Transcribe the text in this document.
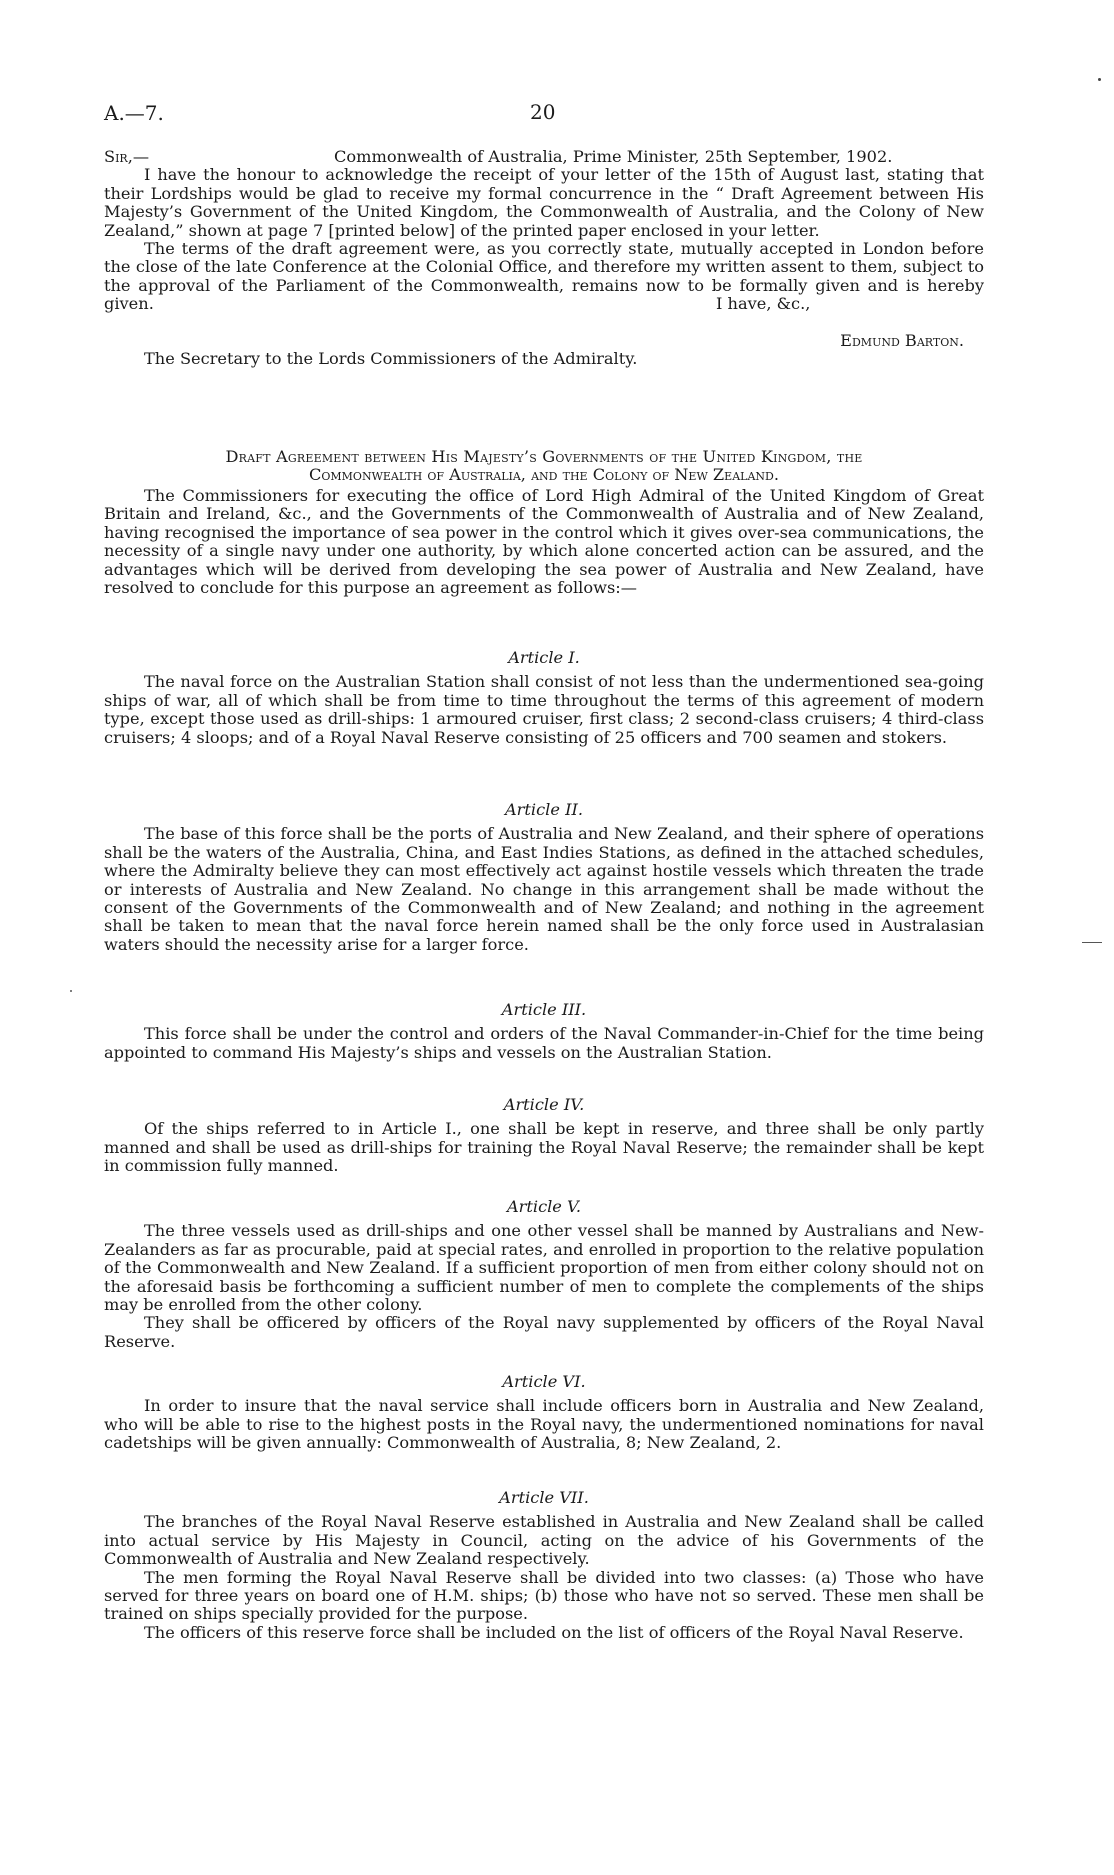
A.—7.	20
Sir,—	Commonwealth of Australia, Prime Minister, 25th September, 1902.

I have the honour to acknowledge the receipt of your letter of the 15th of August last, stating that their Lordships would be glad to receive my formal concurrence in the “ Draft Agreement between His Majesty’s Government of the United Kingdom, the Commonwealth of Australia, and the Colony of New Zealand,” shown at page 7 [printed below] of the printed paper enclosed in your letter.

The terms of the draft agreement were, as you correctly state, mutually accepted in London before the close of the late Conference at the Colonial Office, and therefore my written assent to them, subject to the approval of the Parliament of the Commonwealth, remains now to be formally given and is hereby given.	I have, &c.,
Edmund Barton.

The Secretary to the Lords Commissioners of the Admiralty.

Draft Agreement between His Majesty’s Governments of the United Kingdom, the
Commonwealth of Australia, and the Colony of New Zealand.

The Commissioners for executing the office of Lord High Admiral of the United Kingdom of Great Britain and Ireland, &c., and the Governments of the Commonwealth of Australia and of New Zealand, having recognised the importance of sea power in the control which it gives over-sea communications, the necessity of a single navy under one authority, by which alone concerted action can be assured, and the advantages which will be derived from developing the sea power of Australia and New Zealand, have resolved to conclude for this purpose an agreement as follows:—

Article I.

The naval force on the Australian Station shall consist of not less than the undermentioned sea-going ships of war, all of which shall be from time to time throughout the terms of this agreement of modern type, except those used as drill-ships: 1 armoured cruiser, first class; 2 second-class cruisers; 4 third-class cruisers; 4 sloops; and of a Royal Naval Reserve consisting of 25 officers and 700 seamen and stokers.

Article II.

The base of this force shall be the ports of Australia and New Zealand, and their sphere of operations shall be the waters of the Australia, China, and East Indies Stations, as defined in the attached schedules, where the Admiralty believe they can most effectively act against hostile vessels which threaten the trade or interests of Australia and New Zealand. No change in this arrangement shall be made without the consent of the Governments of the Commonwealth and of New Zealand; and nothing in the agreement shall be taken to mean that the naval force herein named shall be the only force used in Australasian waters should the necessity arise for a larger force.

Article III.

This force shall be under the control and orders of the Naval Commander-in-Chief for the time being appointed to command His Majesty’s ships and vessels on the Australian Station.

Article IV.

Of the ships referred to in Article I., one shall be kept in reserve, and three shall be only partly manned and shall be used as drill-ships for training the Royal Naval Reserve; the remainder shall be kept in commission fully manned.

Article V.

The three vessels used as drill-ships and one other vessel shall be manned by Australians and New-Zealanders as far as procurable, paid at special rates, and enrolled in proportion to the relative population of the Commonwealth and New Zealand. If a sufficient proportion of men from either colony should not on the aforesaid basis be forthcoming a sufficient number of men to complete the complements of the ships may be enrolled from the other colony.

They shall be officered by officers of the Royal navy supplemented by officers of the Royal Naval Reserve.

Article VI.

In order to insure that the naval service shall include officers born in Australia and New Zealand, who will be able to rise to the highest posts in the Royal navy, the undermentioned nominations for naval cadetships will be given annually: Commonwealth of Australia, 8; New Zealand, 2.

Article VII.

The branches of the Royal Naval Reserve established in Australia and New Zealand shall be called into actual service by His Majesty in Council, acting on the advice of his Governments of the Commonwealth of Australia and New Zealand respectively.

The men forming the Royal Naval Reserve shall be divided into two classes: (a) Those who have served for three years on board one of H.M. ships; (b) those who have not so served. These men shall be trained on ships specially provided for the purpose.

The officers of this reserve force shall be included on the list of officers of the Royal Naval Reserve.
